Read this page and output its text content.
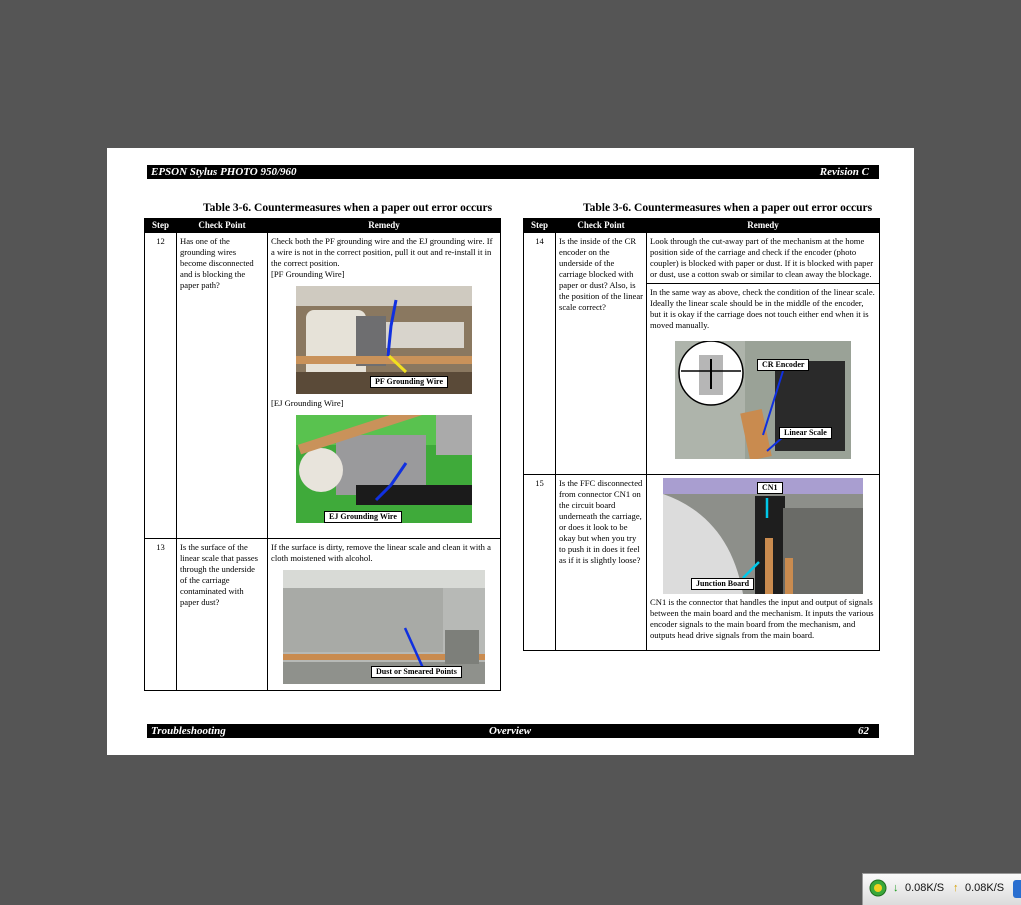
EPSON Stylus PHOTO 950/960	Revision C
Table 3-6. Countermeasures when a paper out error occurs	Table 3-6. Countermeasures when a paper out error occurs
Step	Check Point	Remedy
12	Has one of the grounding wires become disconnected and is blocking the paper path?	Check both the PF grounding wire and the EJ grounding wire. If a wire is not in the correct position, pull it out and re-install it in the correct position.
[PF Grounding Wire]
PF Grounding Wire
[EJ Grounding Wire]
EJ Grounding Wire

13	Is the surface of the linear scale that passes through the underside of the carriage contaminated with paper dust?	If the surface is dirty, remove the linear scale and clean it with a cloth moistened with alcohol.
Dust or Smeared Points
Step	Check Point	Remedy
14	Is the inside of the CR encoder on the underside of the carriage blocked with paper or dust? Also, is the position of the linear scale correct?	Look through the cut-away part of the mechanism at the home position side of the carriage and check if the encoder (photo coupler) is blocked with paper or dust. If it is blocked with paper or dust, use a cotton swab or similar to clean away the blockage.
In the same way as above, check the condition of the linear scale. Ideally the linear scale should be in the middle of the encoder, but it is okay if the carriage does not touch either end when it is moved manually.
CR Encoder
Linear Scale

15	Is the FFC disconnected from connector CN1 on the circuit board underneath the carriage, or does it look to be okay but when you try to push it in does it feel as if it is slightly loose?	CN1
Junction Board
CN1 is the connector that handles the input and output of signals between the main board and the mechanism. It inputs the various encoder signals to the main board from the mechanism, and outputs head drive signals from the main board.
Troubleshooting	Overview	62
↓ 0.08K/S ↑ 0.08K/S
